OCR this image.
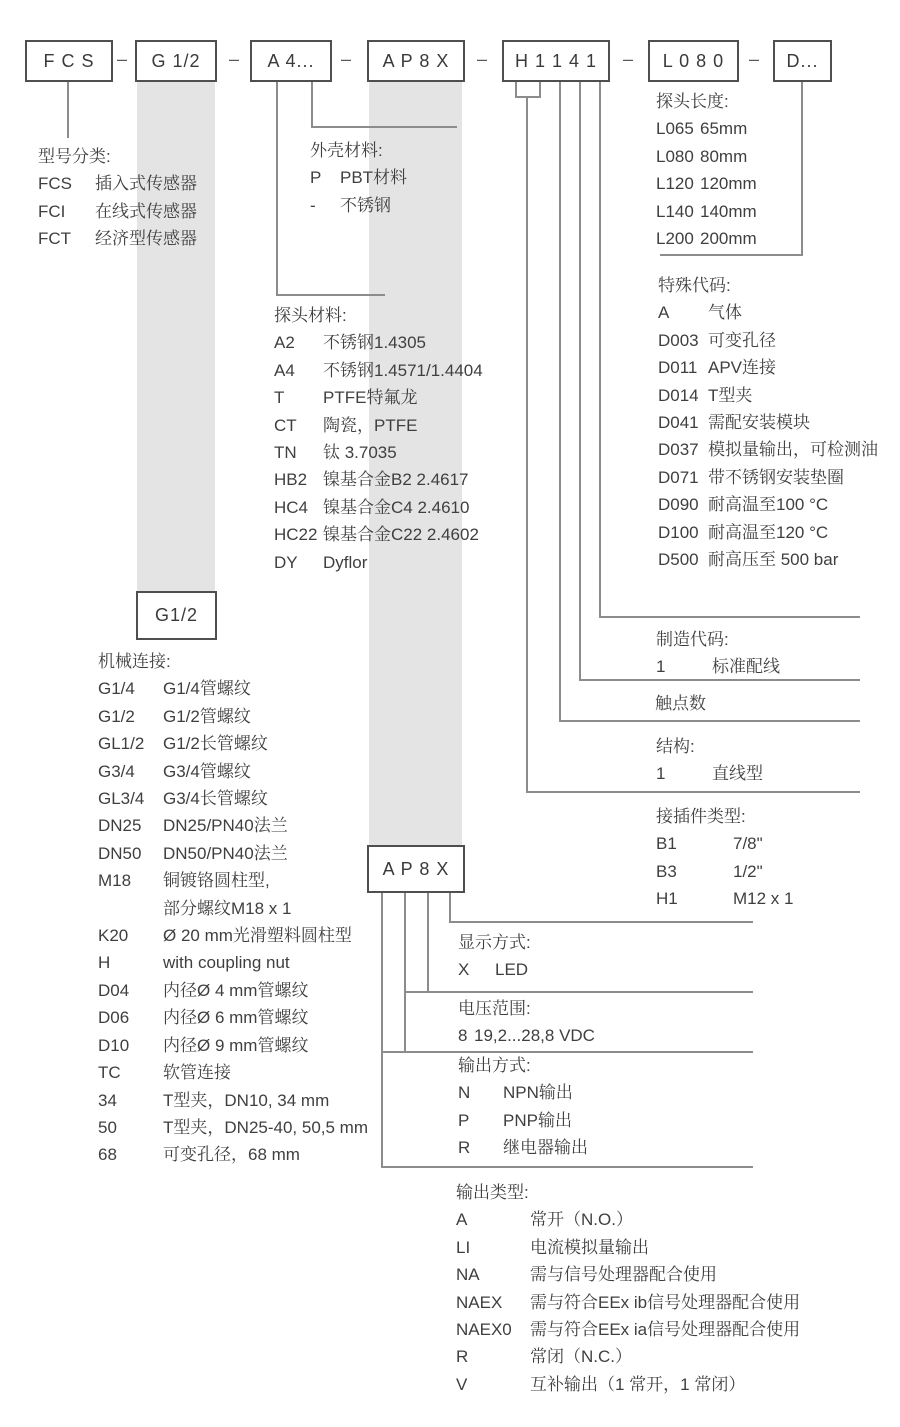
F C S – G 1/2 – A 4... – A P 8 X – H 1 1 4 1 – L 0 8 0 – D...
G1/2
A P 8 X
型号分类:
FCS 插入式传感器
FCI 在线式传感器
FCT 经济型传感器
外壳材料:
P PBT材料
- 不锈钢
探头材料:
A2 不锈钢1.4305
A4 不锈钢1.4571/1.4404
T PTFE特氟龙
CT 陶瓷，PTFE
TN 钛 3.7035
HB2 镍基合金B2 2.4617
HC4 镍基合金C4 2.4610
HC22 镍基合金C22 2.4602
DY Dyflor
探头长度:
L065 65mm
L080 80mm
L120 120mm
L140 140mm
L200 200mm
特殊代码:
A 气体
D003 可变孔径
D011 APV连接
D014 T型夹
D041 需配安装模块
D037 模拟量输出，可检测油
D071 带不锈钢安装垫圈
D090 耐高温至100 °C
D100 耐高温至120 °C
D500 耐高压至 500 bar
机械连接:
G1/4 G1/4管螺纹
G1/2 G1/2管螺纹
GL1/2 G1/2长管螺纹
G3/4 G3/4管螺纹
GL3/4 G3/4长管螺纹
DN25 DN25/PN40法兰
DN50 DN50/PN40法兰
M18 铜镀铬圆柱型,
部分螺纹M18 x 1
K20 Ø 20 mm光滑塑料圆柱型
H	with coupling nut
D04 内径Ø 4 mm管螺纹
D06 内径Ø 6 mm管螺纹
D10 内径Ø 9 mm管螺纹
TC 软管连接
34	T型夹，DN10, 34 mm
50	T型夹，DN25-40, 50,5 mm
68	可变孔径，68 mm
制造代码:
1	标准配线
触点数
结构:
1	直线型
接插件类型:
B1	7/8"
B3	1/2"
H1	M12 x 1
显示方式:
X LED
电压范围:
8 19,2...28,8 VDC
输出方式:
N NPN输出
P PNP输出
R 继电器输出
输出类型:
A	常开（N.O.）
LI	电流模拟量输出
NA	需与信号处理器配合使用
NAEX 需与符合EEx ib信号处理器配合使用
NAEX0 需与符合EEx ia信号处理器配合使用
R	常闭（N.C.）
V	互补输出（1 常开，1 常闭）
